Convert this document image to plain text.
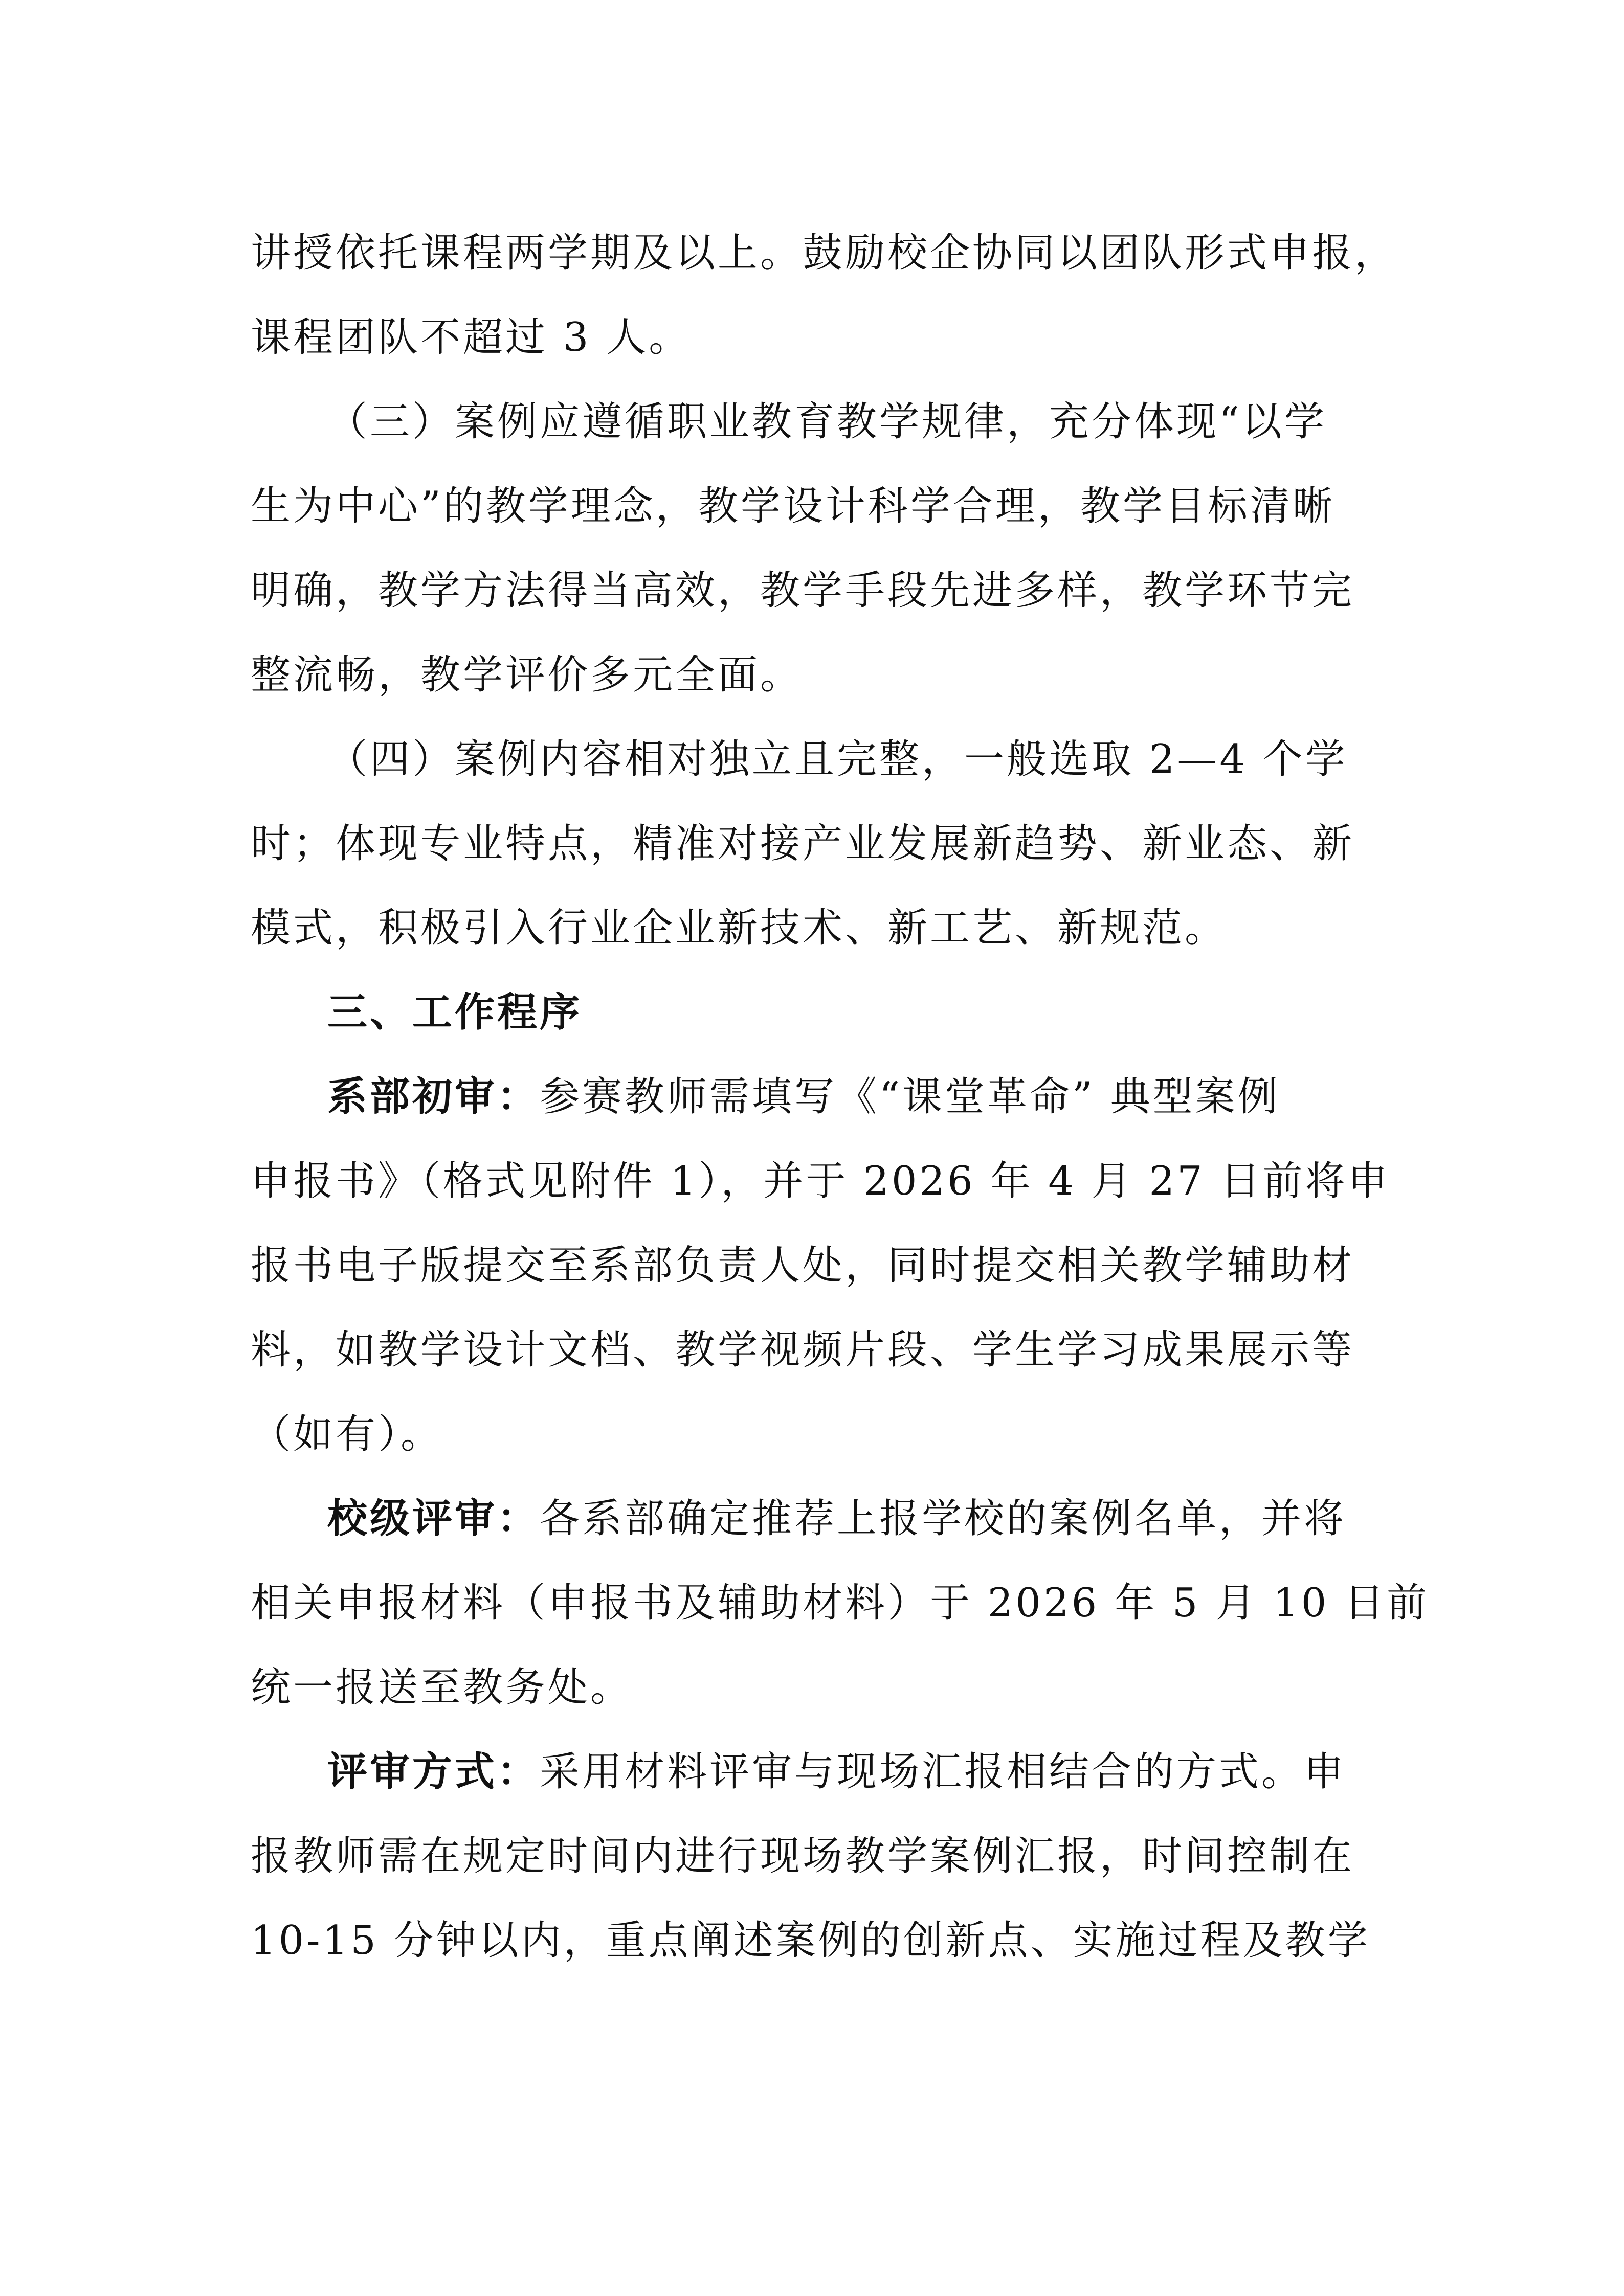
讲授依托课程两学期及以上。鼓励校企协同以团队形式申报，
课程团队不超过 3 人。
（三）案例应遵循职业教育教学规律，充分体现“以学
生为中心”的教学理念，教学设计科学合理，教学目标清晰
明确，教学方法得当高效，教学手段先进多样，教学环节完
整流畅，教学评价多元全面。
（四）案例内容相对独立且完整，一般选取 2—4 个学
时；体现专业特点，精准对接产业发展新趋势、新业态、新
模式，积极引入行业企业新技术、新工艺、新规范。
三、工作程序
系部初审：参赛教师需填写《“课堂革命” 典型案例
申报书》（格式见附件 1），并于 2026 年 4 月 27 日前将申
报书电子版提交至系部负责人处，同时提交相关教学辅助材
料，如教学设计文档、教学视频片段、学生学习成果展示等
（如有）。
校级评审：各系部确定推荐上报学校的案例名单，并将
相关申报材料（申报书及辅助材料）于 2026 年 5 月 10 日前
统一报送至教务处。
评审方式：采用材料评审与现场汇报相结合的方式。申
报教师需在规定时间内进行现场教学案例汇报，时间控制在
10-15 分钟以内，重点阐述案例的创新点、实施过程及教学
